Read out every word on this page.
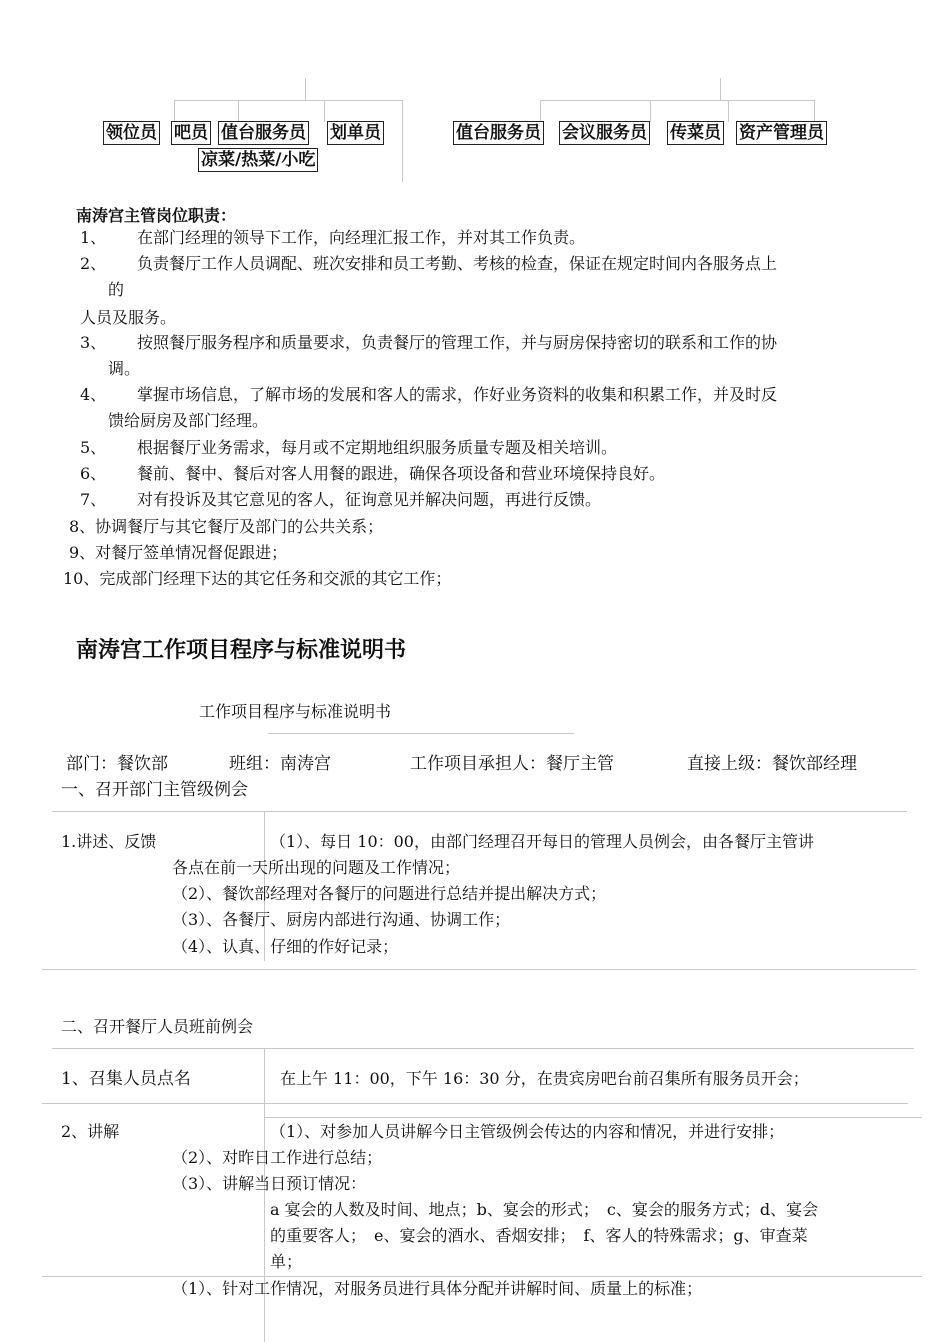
领位员 吧员 值台服务员 划单员
凉菜/热菜/小吃
值台服务员 会议服务员 传菜员 资产管理员
南涛宫主管岗位职责：
1、 在部门经理的领导下工作，向经理汇报工作，并对其工作负责。
2、 负责餐厅工作人员调配、班次安排和员工考勤、考核的检查，保证在规定时间内各服务点上
的
人员及服务。
3、 按照餐厅服务程序和质量要求，负责餐厅的管理工作，并与厨房保持密切的联系和工作的协
调。
4、 掌握市场信息，了解市场的发展和客人的需求，作好业务资料的收集和积累工作，并及时反
馈给厨房及部门经理。
5、 根据餐厅业务需求，每月或不定期地组织服务质量专题及相关培训。
6、 餐前、餐中、餐后对客人用餐的跟进，确保各项设备和营业环境保持良好。
7、 对有投诉及其它意见的客人，征询意见并解决问题，再进行反馈。
8、协调餐厅与其它餐厅及部门的公共关系；
9、对餐厅签单情况督促跟进；
10、完成部门经理下达的其它任务和交派的其它工作；
南涛宫工作项目程序与标准说明书
工作项目程序与标准说明书
部门：餐饮部	班组：南涛宫	工作项目承担人：餐厅主管	直接上级：餐饮部经理
一、召开部门主管级例会
1.讲述、反馈	（1）、每日 10：00，由部门经理召开每日的管理人员例会，由各餐厅主管讲
各点在前一天所出现的问题及工作情况；
（2）、餐饮部经理对各餐厅的问题进行总结并提出解决方式；
（3）、各餐厅、厨房内部进行沟通、协调工作；
（4）、认真、仔细的作好记录；
二、召开餐厅人员班前例会
1、召集人员点名	在上午 11：00，下午 16：30 分，在贵宾房吧台前召集所有服务员开会；
2、讲解	（1）、对参加人员讲解今日主管级例会传达的内容和情况，并进行安排；
（2）、对昨日工作进行总结；
（3）、讲解当日预订情况：
a 宴会的人数及时间、地点；b、宴会的形式；　c、宴会的服务方式；d、宴会
的重要客人；　e、宴会的酒水、香烟安排；　f、客人的特殊需求；g、审查菜
单；
（1）、针对工作情况，对服务员进行具体分配并讲解时间、质量上的标准；
